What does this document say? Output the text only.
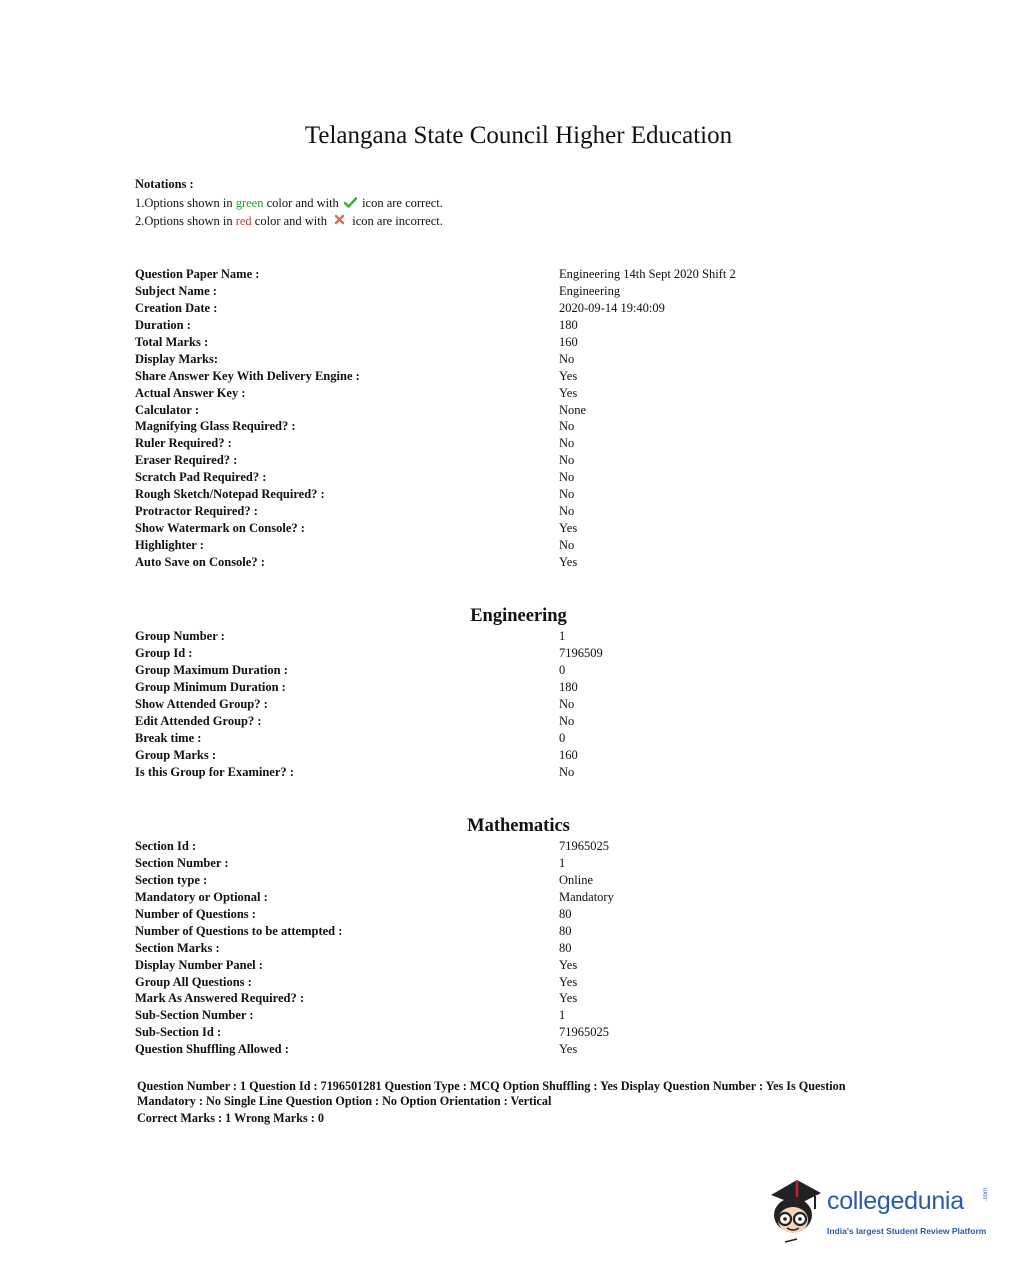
Telangana State Council Higher Education
Notations :
1.Options shown in green color and with  icon are correct.
2.Options shown in red color and with  icon are incorrect.
Question Paper Name :	Engineering 14th Sept 2020 Shift 2
Subject Name :	Engineering
Creation Date :	2020-09-14 19:40:09
Duration :	180
Total Marks :	160
Display Marks:	No
Share Answer Key With Delivery Engine :	Yes
Actual Answer Key :	Yes
Calculator :	None
Magnifying Glass Required? :	No
Ruler Required? :	No
Eraser Required? :	No
Scratch Pad Required? :	No
Rough Sketch/Notepad Required? :	No
Protractor Required? :	No
Show Watermark on Console? :	Yes
Highlighter :	No
Auto Save on Console? :	Yes
Engineering
Group Number :	1
Group Id :	7196509
Group Maximum Duration :	0
Group Minimum Duration :	180
Show Attended Group? :	No
Edit Attended Group? :	No
Break time :	0
Group Marks :	160
Is this Group for Examiner? :	No
Mathematics
Section Id :	71965025
Section Number :	1
Section type :	Online
Mandatory or Optional :	Mandatory
Number of Questions :	80
Number of Questions to be attempted :	80
Section Marks :	80
Display Number Panel :	Yes
Group All Questions :	Yes
Mark As Answered Required? :	Yes
Sub-Section Number :	1
Sub-Section Id :	71965025
Question Shuffling Allowed :	Yes
Question Number : 1 Question Id : 7196501281 Question Type : MCQ Option Shuffling : Yes Display Question Number : Yes Is Question Mandatory : No Single Line Question Option : No Option Orientation : Vertical
Correct Marks : 1 Wrong Marks : 0
collegedunia	.com
India's largest Student Review Platform
